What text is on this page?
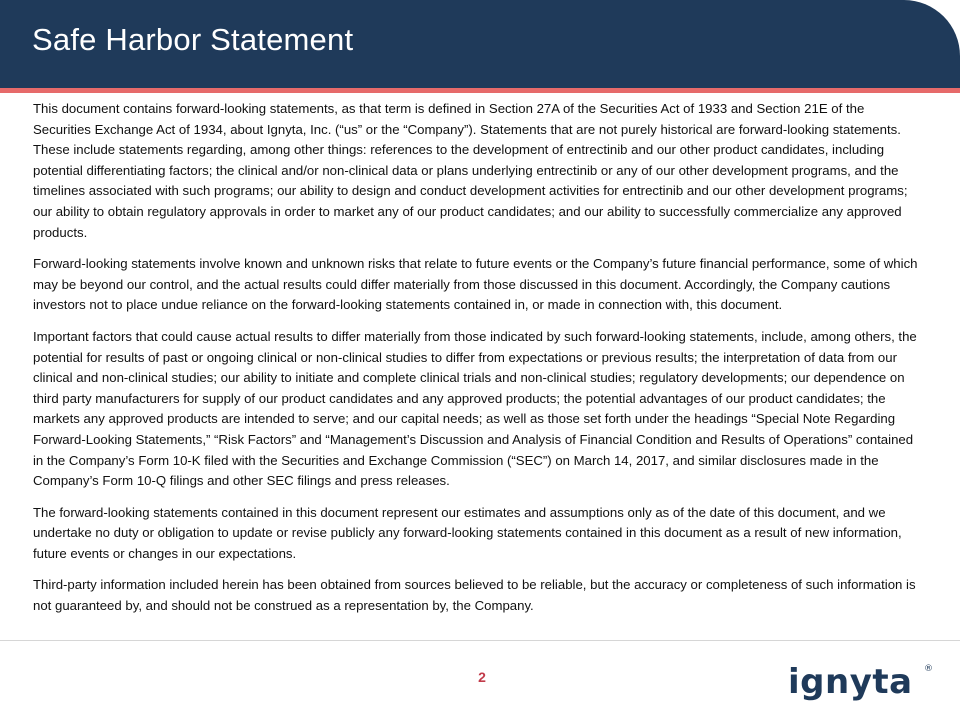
Safe Harbor Statement

This document contains forward-looking statements, as that term is defined in Section 27A of the Securities Act of 1933 and Section 21E of the Securities Exchange Act of 1934, about Ignyta, Inc. (“us” or the “Company”). Statements that are not purely historical are forward-looking statements. These include statements regarding, among other things: references to the development of entrectinib and our other product candidates, including potential differentiating factors; the clinical and/or non-clinical data or plans underlying entrectinib or any of our other development programs, and the timelines associated with such programs; our ability to design and conduct development activities for entrectinib and our other development programs; our ability to obtain regulatory approvals in order to market any of our product candidates; and our ability to successfully commercialize any approved products.

Forward-looking statements involve known and unknown risks that relate to future events or the Company’s future financial performance, some of which may be beyond our control, and the actual results could differ materially from those discussed in this document. Accordingly, the Company cautions investors not to place undue reliance on the forward-looking statements contained in, or made in connection with, this document.

Important factors that could cause actual results to differ materially from those indicated by such forward-looking statements, include, among others, the potential for results of past or ongoing clinical or non-clinical studies to differ from expectations or previous results; the interpretation of data from our clinical and non-clinical studies; our ability to initiate and complete clinical trials and non-clinical studies; regulatory developments; our dependence on third party manufacturers for supply of our product candidates and any approved products; the potential advantages of our product candidates; the markets any approved products are intended to serve; and our capital needs; as well as those set forth under the headings “Special Note Regarding Forward-Looking Statements,” “Risk Factors” and “Management’s Discussion and Analysis of Financial Condition and Results of Operations” contained in the Company’s Form 10-K filed with the Securities and Exchange Commission (“SEC”) on March 14, 2017, and similar disclosures made in the Company’s Form 10-Q filings and other SEC filings and press releases.

The forward-looking statements contained in this document represent our estimates and assumptions only as of the date of this document, and we undertake no duty or obligation to update or revise publicly any forward-looking statements contained in this document as a result of new information, future events or changes in our expectations.

Third-party information included herein has been obtained from sources believed to be reliable, but the accuracy or completeness of such information is not guaranteed by, and should not be construed as a representation by, the Company.

2	ignyta ®
